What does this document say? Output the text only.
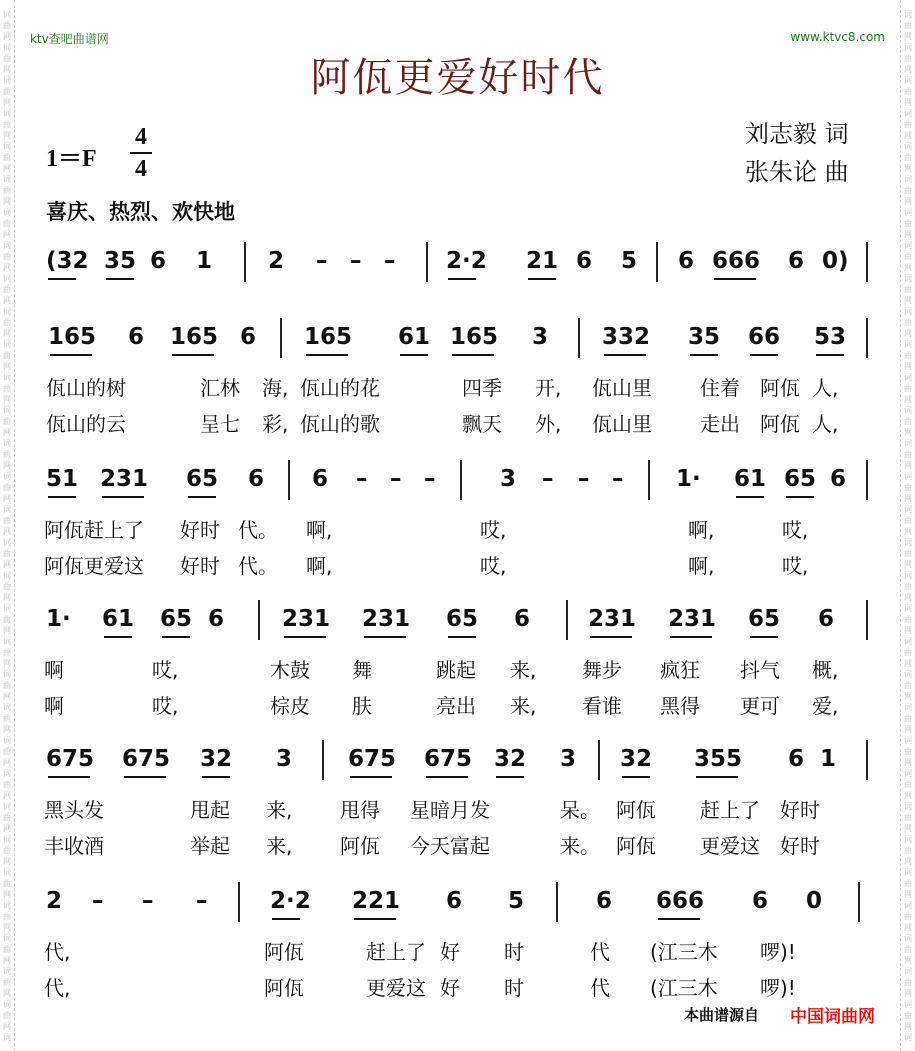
词
曲
网
词
曲
网
词
曲
网
词
曲
网
词
曲
网
词
曲
网
词
曲
网
词
曲
网
词
曲
网
词
曲
网
词
曲
网
词
曲
网
词
曲
网
词
曲
网
词
曲
网
词
曲
网
词
曲
网
词
曲
网
词
曲
网
词
曲
网
词
曲
网
词
曲
网
词
曲
网
词
曲
网
词
曲
网
词
曲
网
词
曲
网
词
曲
网
词
曲
网
词
曲
网
词
曲
网
词
词
曲
网
词
曲
网
词
曲
网
词
曲
网
词
曲
网
词
曲
网
词
曲
网
词
曲
网
词
曲
网
词
曲
网
词
曲
网
词
曲
网
词
曲
网
词
曲
网
词
曲
网
词
曲
网
词
曲
网
词
曲
网
词
曲
网
词
曲
网
词
曲
网
词
曲
网
词
曲
网
词
曲
网
词
曲
网
词
曲
网
词
曲
网
词
曲
网
词
曲
网
词
曲
网
词
曲
网
词
ktv查吧曲谱网	www.ktvc8.com
阿佤更爱好时代
1＝F
4
4
刘志毅 词
张朱论 曲
喜庆、热烈、欢快地
(32 35 6 1 2 – – – 2·2 21 6 5 6 666 6 0)
165 6 165 6 165 61 165 3 332 35 66 53
佤山的树	汇林 海, 佤山的花	四季 开, 佤山里 住着 阿佤 人,
佤山的云	呈七 彩, 佤山的歌	飘天 外, 佤山里 走出 阿佤 人,
51 231 65 6 6 – – –	3 – – – 1· 61 65 6
阿佤赶上了 好时 代。 啊,	哎,	啊,	哎,
阿佤更爱这 好时 代。 啊,	哎,	啊,	哎,
1· 61 65 6	231 231 65 6	231 231 65 6
啊	哎,	木鼓 舞	跳起 来, 舞步 疯狂 抖气 概,
啊	哎,	棕皮 肤	亮出 来, 看谁 黑得 更可 爱,
675 675 32 3 675 675 32 3 32 355 6 1
黑头发	甩起 来, 甩得 星暗月发	呆。 阿佤 赶上了 好时
丰收酒	举起 来, 阿佤 今天富起	来。 阿佤 更爱这 好时
2 – – –	2·2 221 6 5	6 666 6 0
代,	阿佤	赶上了 好 时	代 (江三木 啰)!
代,	阿佤	更爱这 好 时	代 (江三木 啰)!
本曲谱源自 中国词曲网
